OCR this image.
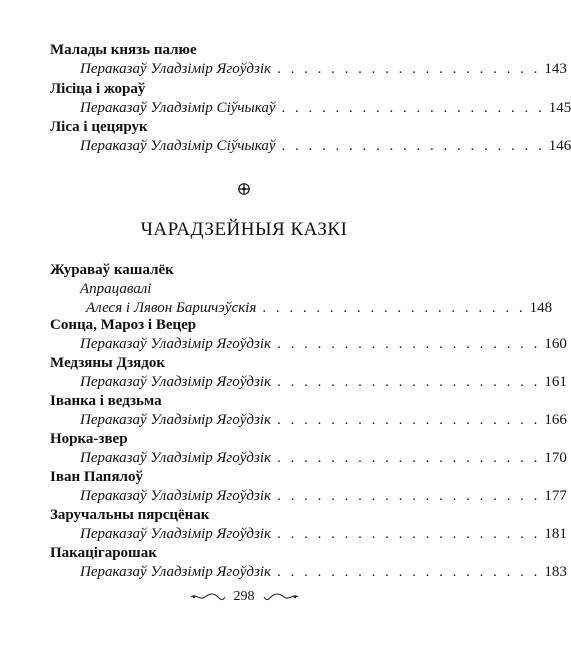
Малады князь палюе
Пераказаў Уладзімір Ягоўдзік . . . . . . . . . . . . . . . . . . . . 143
Лісіца і жораў
Пераказаў Уладзімір Сіўчыкаў . . . . . . . . . . . . . . . . . . . . 145
Ліса і цецярук
Пераказаў Уладзімір Сіўчыкаў . . . . . . . . . . . . . . . . . . . . 146
ЧАРАДЗЕЙНЫЯ КАЗКІ
Жураваў кашалёк
Апрацавалі
Алеся і Лявон Баршчэўскія . . . . . . . . . . . . . . . . . . . . 148
Сонца, Мароз і Вецер
Пераказаў Уладзімір Ягоўдзік . . . . . . . . . . . . . . . . . . . . 160
Медзяны Дзядок
Пераказаў Уладзімір Ягоўдзік . . . . . . . . . . . . . . . . . . . . 161
Іванка і ведзьма
Пераказаў Уладзімір Ягоўдзік . . . . . . . . . . . . . . . . . . . . 166
Норка-звер
Пераказаў Уладзімір Ягоўдзік . . . . . . . . . . . . . . . . . . . . 170
Іван Папялоў
Пераказаў Уладзімір Ягоўдзік . . . . . . . . . . . . . . . . . . . . 177
Заручальны пярсцёнак
Пераказаў Уладзімір Ягоўдзік . . . . . . . . . . . . . . . . . . . . 181
Пакацігарошак
Пераказаў Уладзімір Ягоўдзік . . . . . . . . . . . . . . . . . . . . 183
298
